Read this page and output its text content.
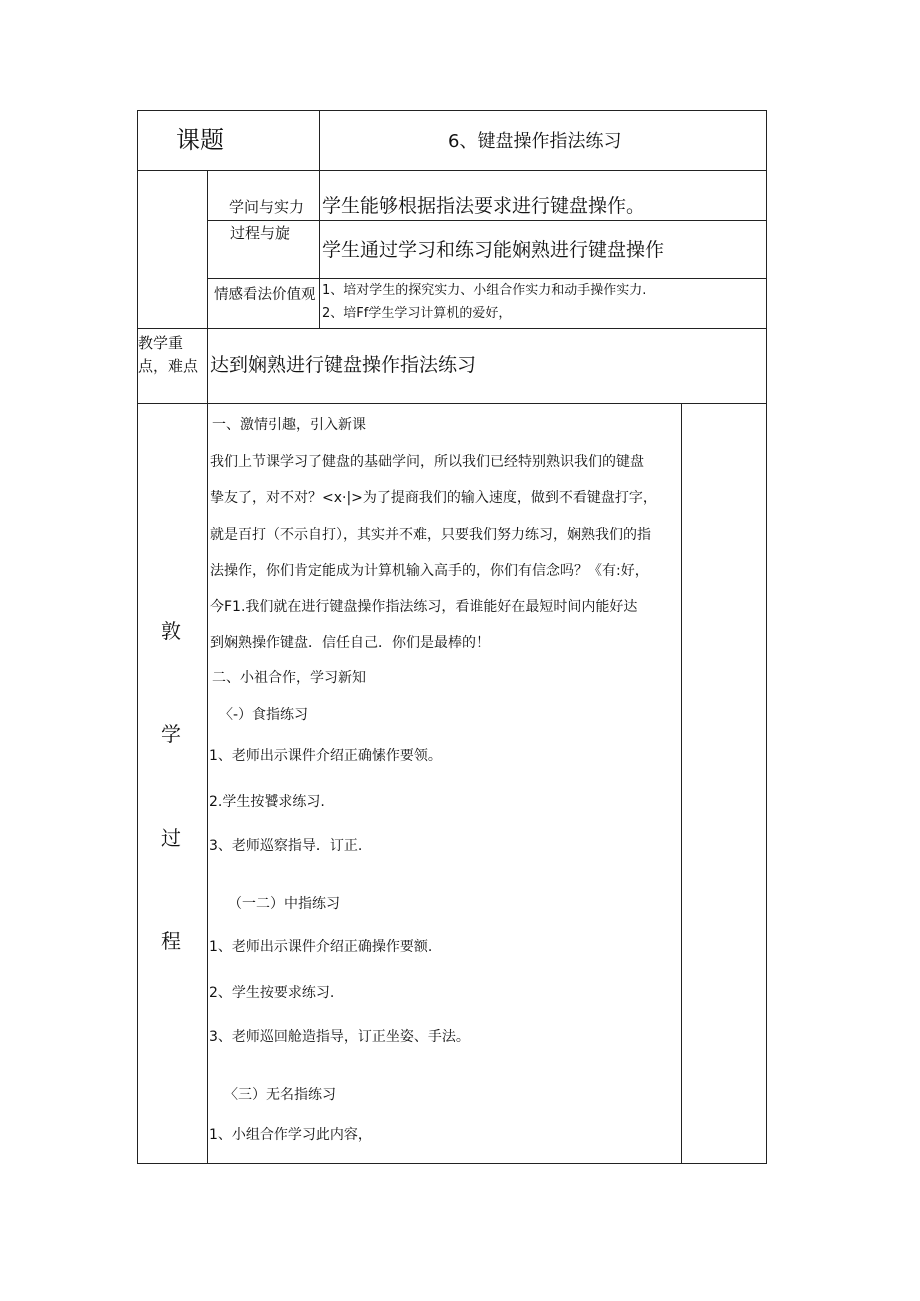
课题	6、键盘操作指法练习
学问与实力 学生能够根据指法要求进行键盘操作。
过程与旋
学生通过学习和练习能娴熟进行键盘操作
情感看法价值观 1、培对学生的探究实力、小组合作实力和动手操作实力.
2、培Ff学生学习计算机的爱好，
教学重点，难点 达到娴熟进行键盘操作指法练习
敦
学
过
程
一、激情引趣，引入新课
我们上节课学习了健盘的基础学问，所以我们已经特别熟识我们的键盘
挚友了，对不对？<x·|>为了提商我们的输入速度，做到不看键盘打字，
就是百打（不示自打），其实并不难，只要我们努力练习，娴熟我们的指
法操作，你们肯定能成为计算机输入高手的，你们有信念吗？《有:好，
今F1.我们就在进行键盘操作指法练习，看谁能好在最短时间内能好达
到娴熟操作键盘．信任自己．你们是最棒的！
二、小祖合作，学习新知
〈-）食指练习
1、老师出示课件介绍正确愫作要领。
2.学生按饕求练习.
3、老师巡察指导．订正.
（一二）中指练习
1、老师出示课件介绍正确操作要额.
2、学生按要求练习.
3、老师巡回舱造指导，订正坐姿、手法。
〈三）无名指练习
1、小组合作学习此内容，
